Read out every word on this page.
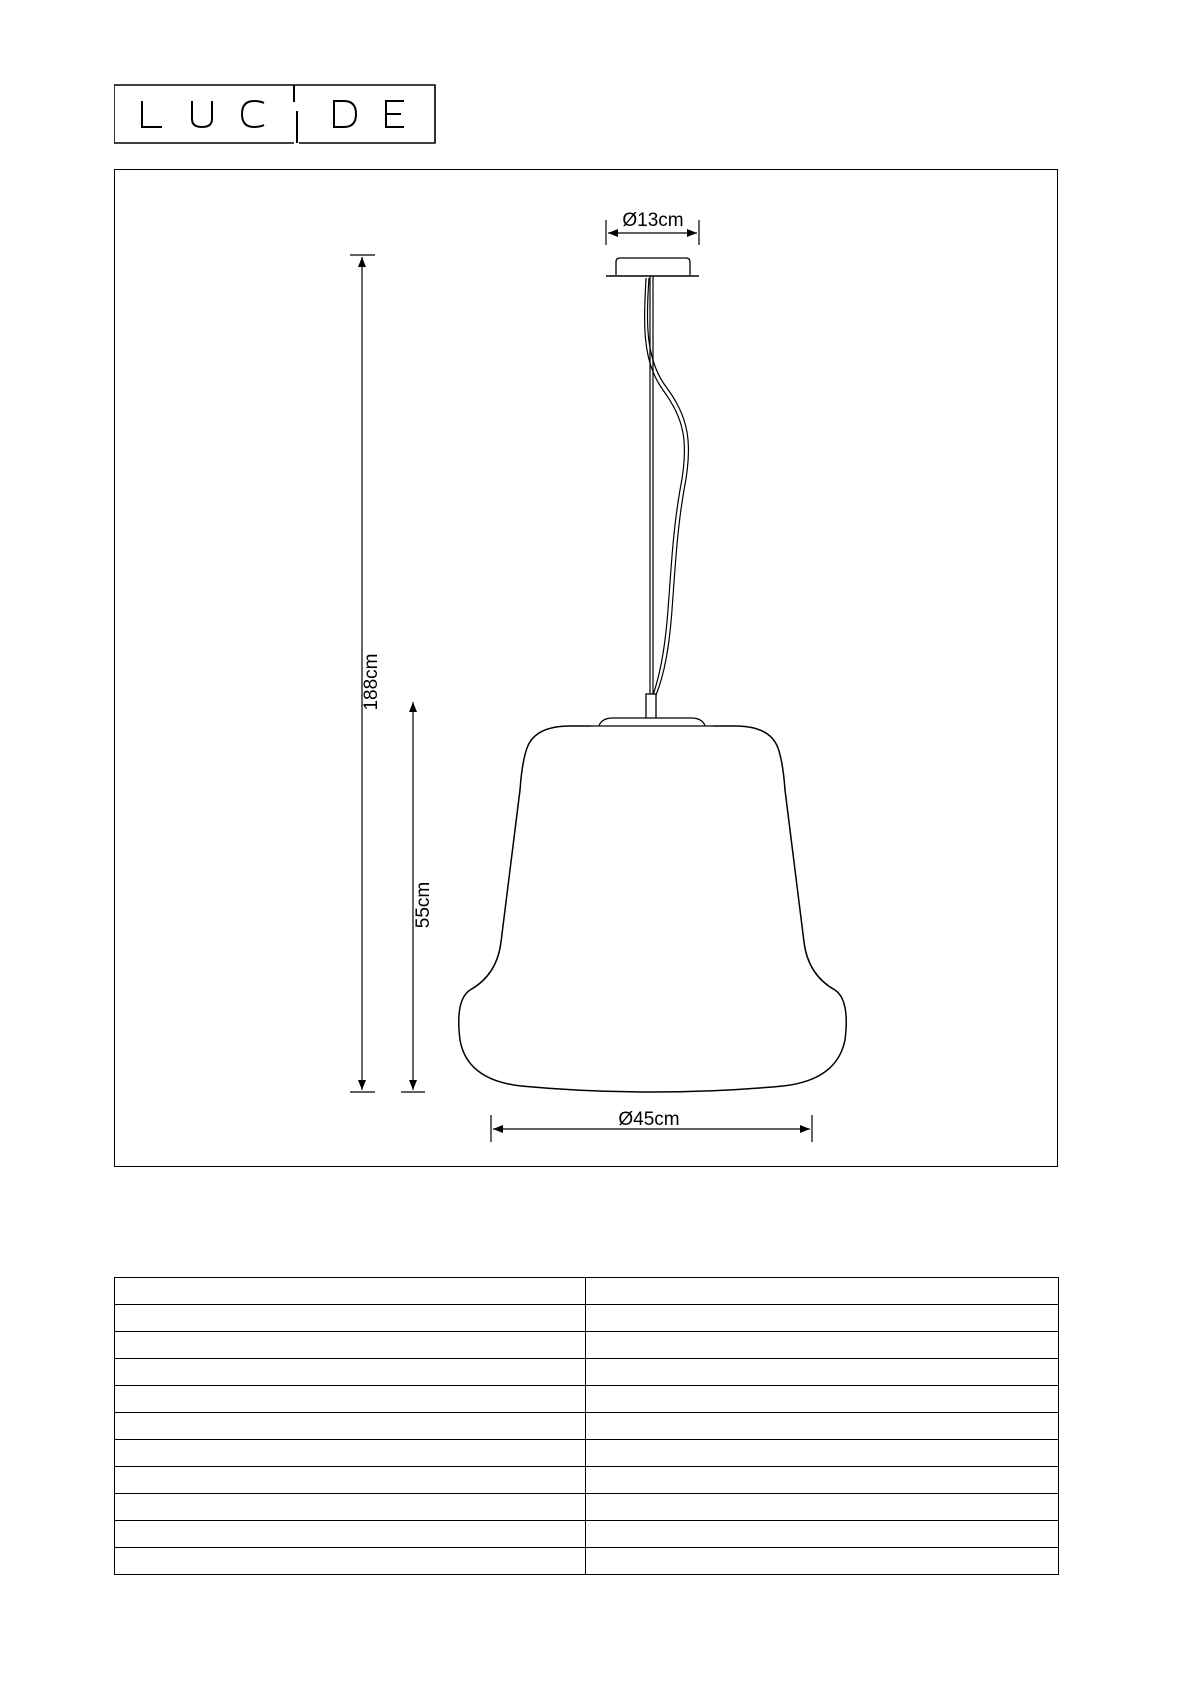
Ø13cm
188cm
55cm
Ø45cm
